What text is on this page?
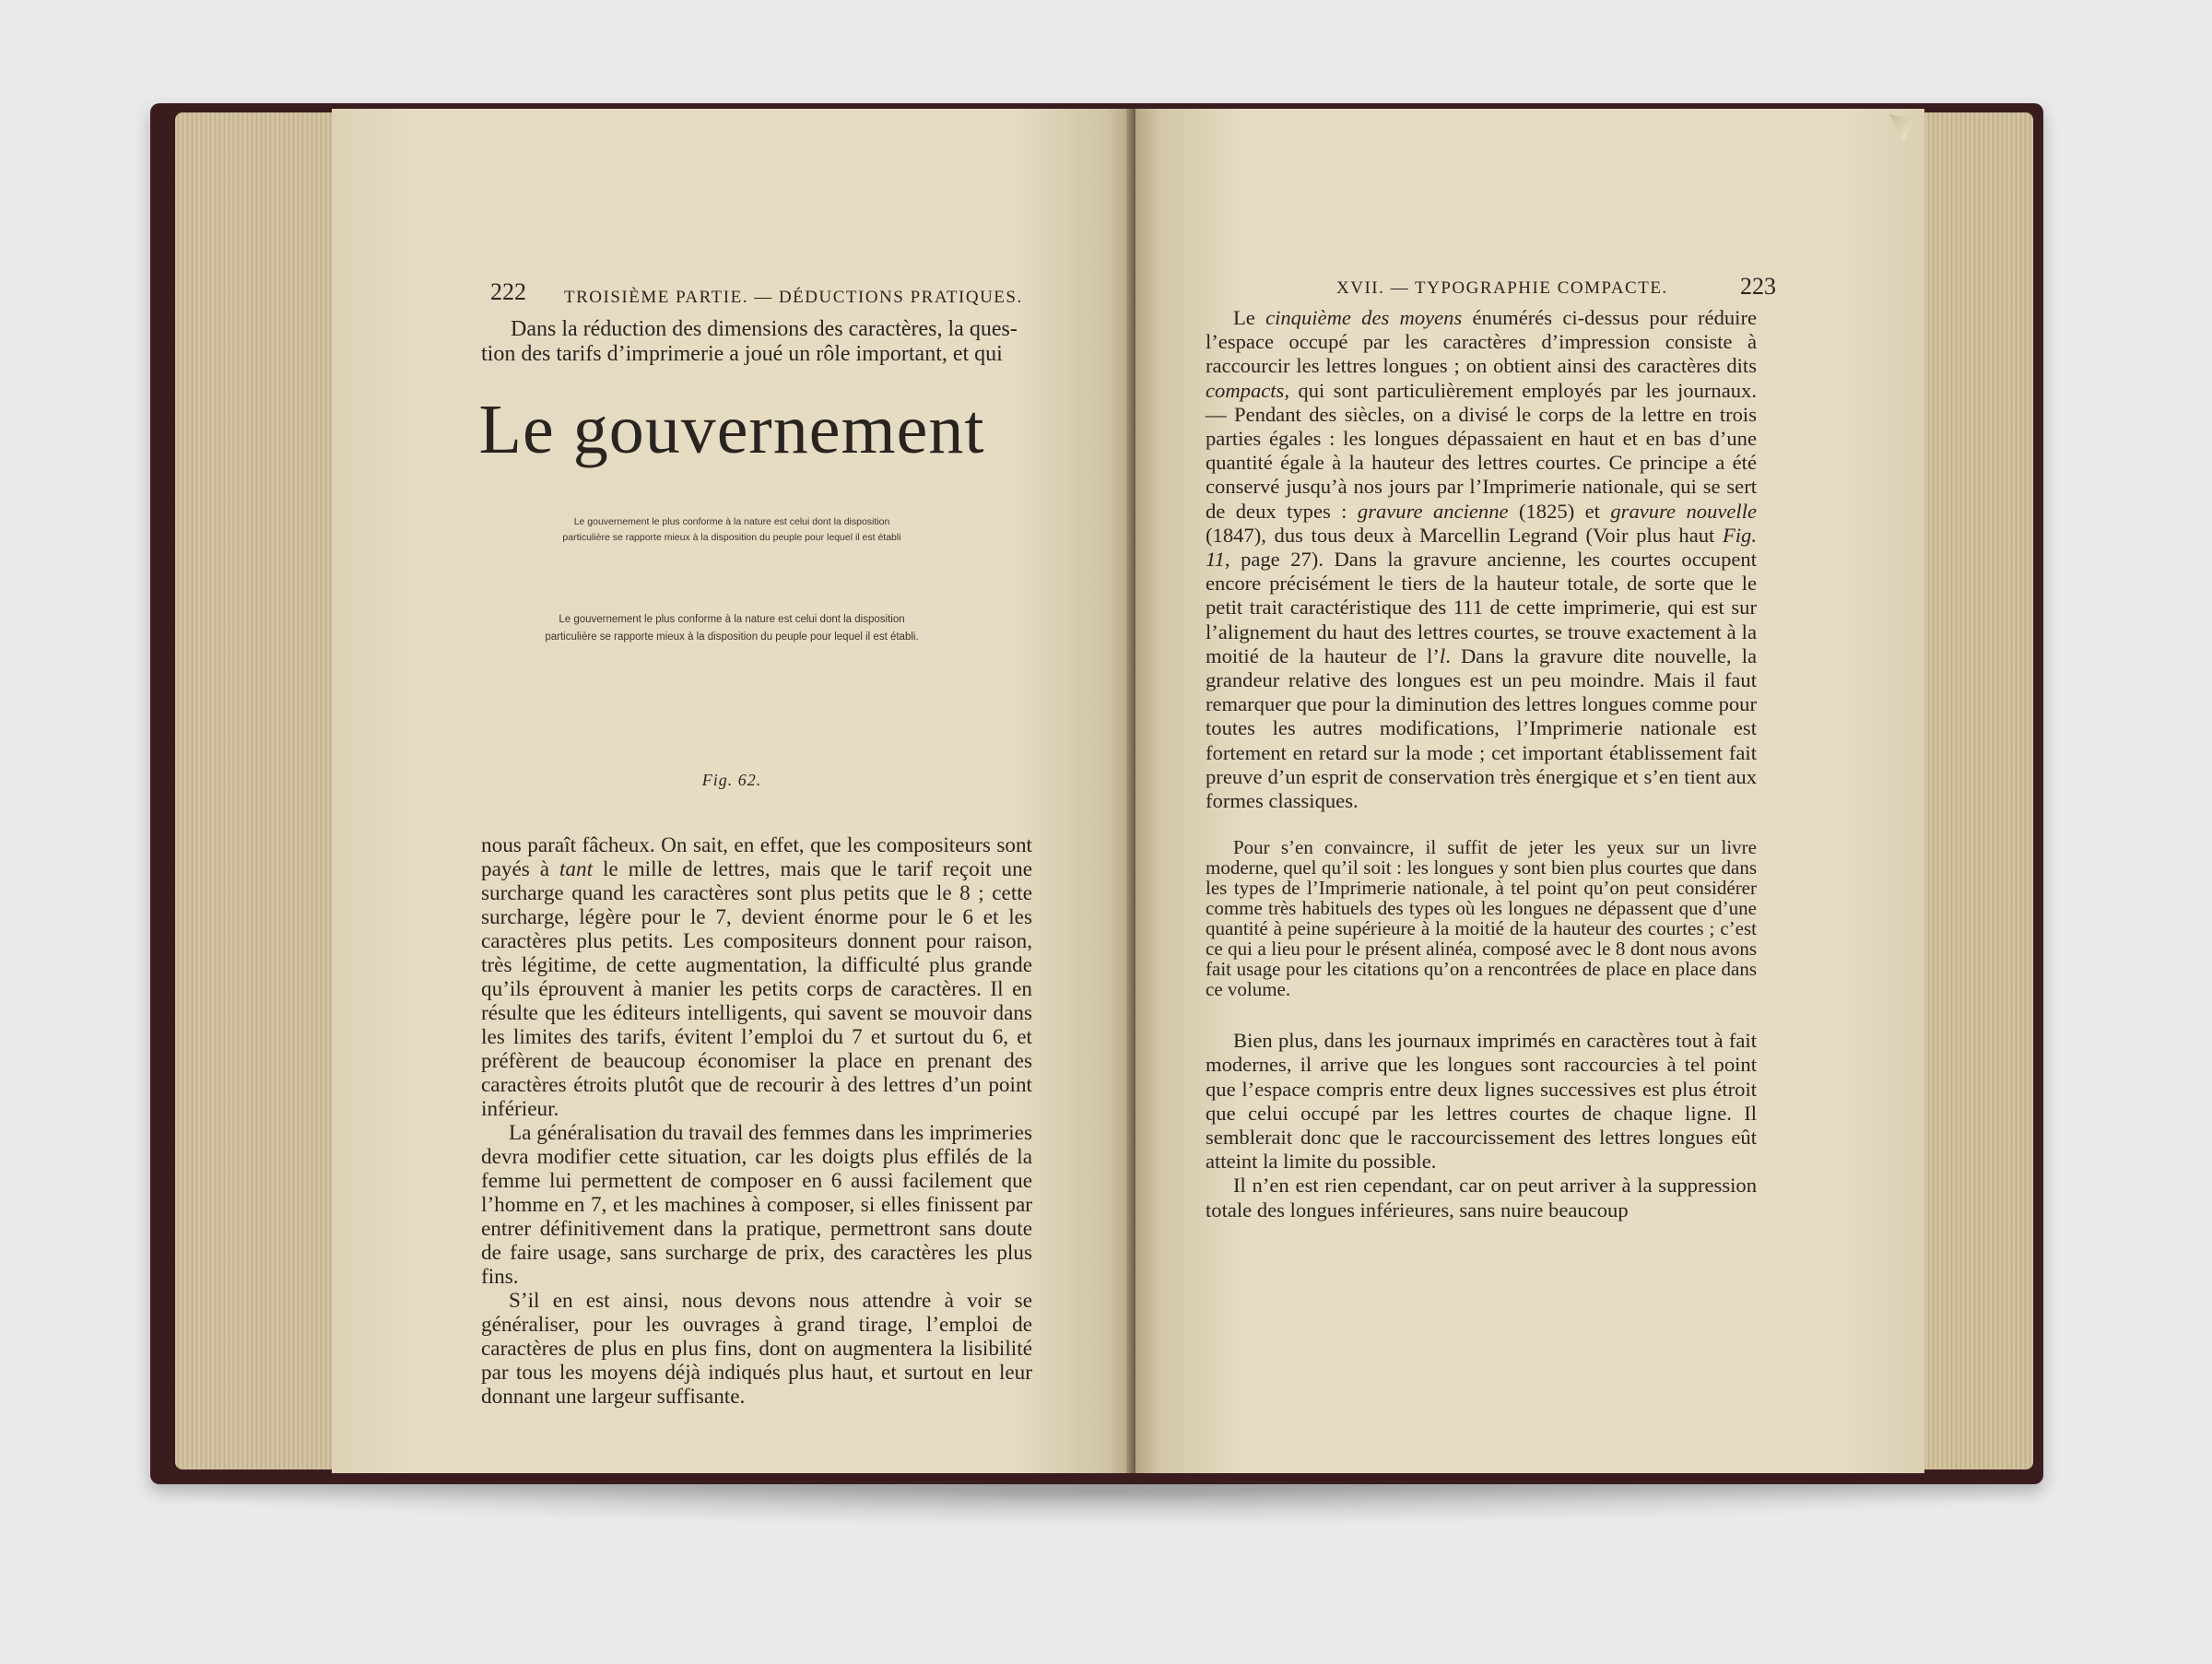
222 TROISIÈME PARTIE. — DÉDUCTIONS PRATIQUES.

Dans la réduction des dimensions des caractères, la ques-

tion des tarifs d’imprimerie a joué un rôle important, et qui

Le gouvernement
Le gouvernement le plus conforme à la nature est celui dont la disposition
particulière se rapporte mieux à la disposition du peuple pour lequel il est établi
Le gouvernement le plus conforme à la nature est celui dont la disposition
particulière se rapporte mieux à la disposition du peuple pour lequel il est établi.
Fig. 62.

nous paraît fâcheux. On sait, en effet, que les compositeurs sont payés à tant le mille de lettres, mais que le tarif reçoit une surcharge quand les caractères sont plus petits que le 8 ; cette surcharge, légère pour le 7, devient énorme pour le 6 et les caractères plus petits. Les compositeurs donnent pour raison, très légitime, de cette augmentation, la difficulté plus grande qu’ils éprouvent à manier les petits corps de caractères. Il en résulte que les éditeurs intelligents, qui savent se mouvoir dans les limites des tarifs, évitent l’emploi du 7 et surtout du 6, et préfèrent de beaucoup économiser la place en prenant des caractères étroits plutôt que de recourir à des lettres d’un point inférieur.

La généralisation du travail des femmes dans les imprimeries devra modifier cette situation, car les doigts plus effilés de la femme lui permettent de composer en 6 aussi facilement que l’homme en 7, et les machines à composer, si elles finissent par entrer définitivement dans la pratique, permettront sans doute de faire usage, sans surcharge de prix, des caractères les plus fins.

S’il en est ainsi, nous devons nous attendre à voir se généraliser, pour les ouvrages à grand tirage, l’emploi de caractères de plus en plus fins, dont on augmentera la lisibilité par tous les moyens déjà indiqués plus haut, et surtout en leur donnant une largeur suffisante.

XVII. — TYPOGRAPHIE COMPACTE.	223

Le cinquième des moyens énumérés ci-dessus pour réduire l’espace occupé par les caractères d’impression consiste à raccourcir les lettres longues ; on obtient ainsi des caractères dits compacts, qui sont particulièrement employés par les journaux. — Pendant des siècles, on a divisé le corps de la lettre en trois parties égales : les longues dépassaient en haut et en bas d’une quantité égale à la hauteur des lettres courtes. Ce principe a été conservé jusqu’à nos jours par l’Imprimerie nationale, qui se sert de deux types : gravure ancienne (1825) et gravure nouvelle (1847), dus tous deux à Marcellin Legrand (Voir plus haut Fig. 11, page 27). Dans la gravure ancienne, les courtes occupent encore précisément le tiers de la hauteur totale, de sorte que le petit trait caractéristique des 111 de cette imprimerie, qui est sur l’alignement du haut des lettres courtes, se trouve exactement à la moitié de la hauteur de l’l. Dans la gravure dite nouvelle, la grandeur relative des longues est un peu moindre. Mais il faut remarquer que pour la diminution des lettres longues comme pour toutes les autres modifications, l’Imprimerie nationale est fortement en retard sur la mode ; cet important établissement fait preuve d’un esprit de conservation très énergique et s’en tient aux formes classiques.

Pour s’en convaincre, il suffit de jeter les yeux sur un livre moderne, quel qu’il soit : les longues y sont bien plus courtes que dans les types de l’Imprimerie nationale, à tel point qu’on peut considérer comme très habituels des types où les longues ne dépassent que d’une quantité à peine supérieure à la moitié de la hauteur des courtes ; c’est ce qui a lieu pour le présent alinéa, composé avec le 8 dont nous avons fait usage pour les citations qu’on a rencontrées de place en place dans ce volume.

Bien plus, dans les journaux imprimés en caractères tout à fait modernes, il arrive que les longues sont raccourcies à tel point que l’espace compris entre deux lignes successives est plus étroit que celui occupé par les lettres courtes de chaque ligne. Il semblerait donc que le raccourcissement des lettres longues eût atteint la limite du possible.

Il n’en est rien cependant, car on peut arriver à la suppression totale des longues inférieures, sans nuire beaucoup
